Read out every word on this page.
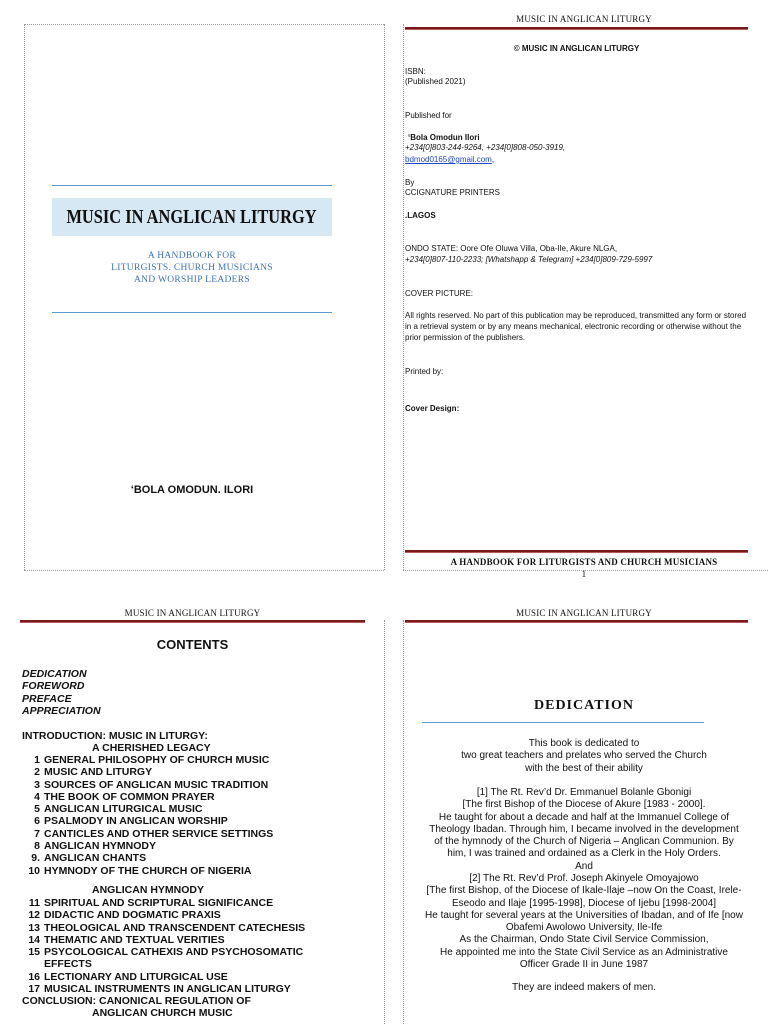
MUSIC IN ANGLICAN LITURGY
A HANDBOOK FOR
LITURGISTS. CHURCH MUSICIANS
AND WORSHIP LEADERS
‘BOLA OMODUN. ILORI
MUSIC IN ANGLICAN LITURGY
© MUSIC IN ANGLICAN LITURGY
ISBN:
(Published 2021)
Published for
‘Bola Omodun Ilori
+234[0]803-244-9264, +234[0]808-050-3919,
bdmod0165@gmail.com,
By
CCIGNATURE PRINTERS
.LAGOS
ONDO STATE: Oore Ofe Oluwa Villa, Oba-Ile, Akure NLGA,
+234[0]807-110-2233; [Whatshapp & Telegram] +234[0]809-729-5997
COVER PICTURE:
All rights reserved. No part of this publication may be reproduced, transmitted any form or stored
in a retrieval system or by any means mechanical, electronic recording or otherwise without the
prior permission of the publishers.
Printed by:
Cover Design:
A HANDBOOK FOR LITURGISTS AND CHURCH MUSICIANS
1
MUSIC IN ANGLICAN LITURGY
CONTENTS
DEDICATION
FOREWORD
PREFACE
APPRECIATION
INTRODUCTION: MUSIC IN LITURGY:
A CHERISHED LEGACY
1 GENERAL PHILOSOPHY OF CHURCH MUSIC
2 MUSIC AND LITURGY
3 SOURCES OF ANGLICAN MUSIC TRADITION
4 THE BOOK OF COMMON PRAYER
5 ANGLICAN LITURGICAL MUSIC
6 PSALMODY IN ANGLICAN WORSHIP
7 CANTICLES AND OTHER SERVICE SETTINGS
8 ANGLICAN HYMNODY
9. ANGLICAN CHANTS
10 HYMNODY OF THE CHURCH OF NIGERIA
ANGLICAN HYMNODY
11 SPIRITUAL AND SCRIPTURAL SIGNIFICANCE
12 DIDACTIC AND DOGMATIC PRAXIS
13 THEOLOGICAL AND TRANSCENDENT CATECHESIS
14 THEMATIC AND TEXTUAL VERITIES
15 PSYCOLOGICAL CATHEXIS AND PSYCHOSOMATIC
EFFECTS
16 LECTIONARY AND LITURGICAL USE
17 MUSICAL INSTRUMENTS IN ANGLICAN LITURGY
CONCLUSION: CANONICAL REGULATION OF
ANGLICAN CHURCH MUSIC
MUSIC IN ANGLICAN LITURGY
DEDICATION
This book is dedicated to
two great teachers and prelates who served the Church
with the best of their ability
[1] The Rt. Rev’d Dr. Emmanuel Bolanle Gbonigi
[The first Bishop of the Diocese of Akure [1983 - 2000].
He taught for about a decade and half at the Immanuel College of
Theology Ibadan. Through him, I became involved in the development
of the hymnody of the Church of Nigeria – Anglican Communion. By
him, I was trained and ordained as a Clerk in the Holy Orders.
And
[2] The Rt. Rev’d Prof. Joseph Akinyele Omoyajowo
[The first Bishop, of the Diocese of Ikale-Ilaje –now On the Coast, Irele-
Eseodo and Ilaje [1995-1998], Diocese of Ijebu [1998-2004]
He taught for several years at the Universities of Ibadan, and of Ife [now
Obafemi Awolowo University, Ile-Ife
As the Chairman, Ondo State Civil Service Commission,
He appointed me into the State Civil Service as an Administrative
Officer Grade II in June 1987
They are indeed makers of men.
